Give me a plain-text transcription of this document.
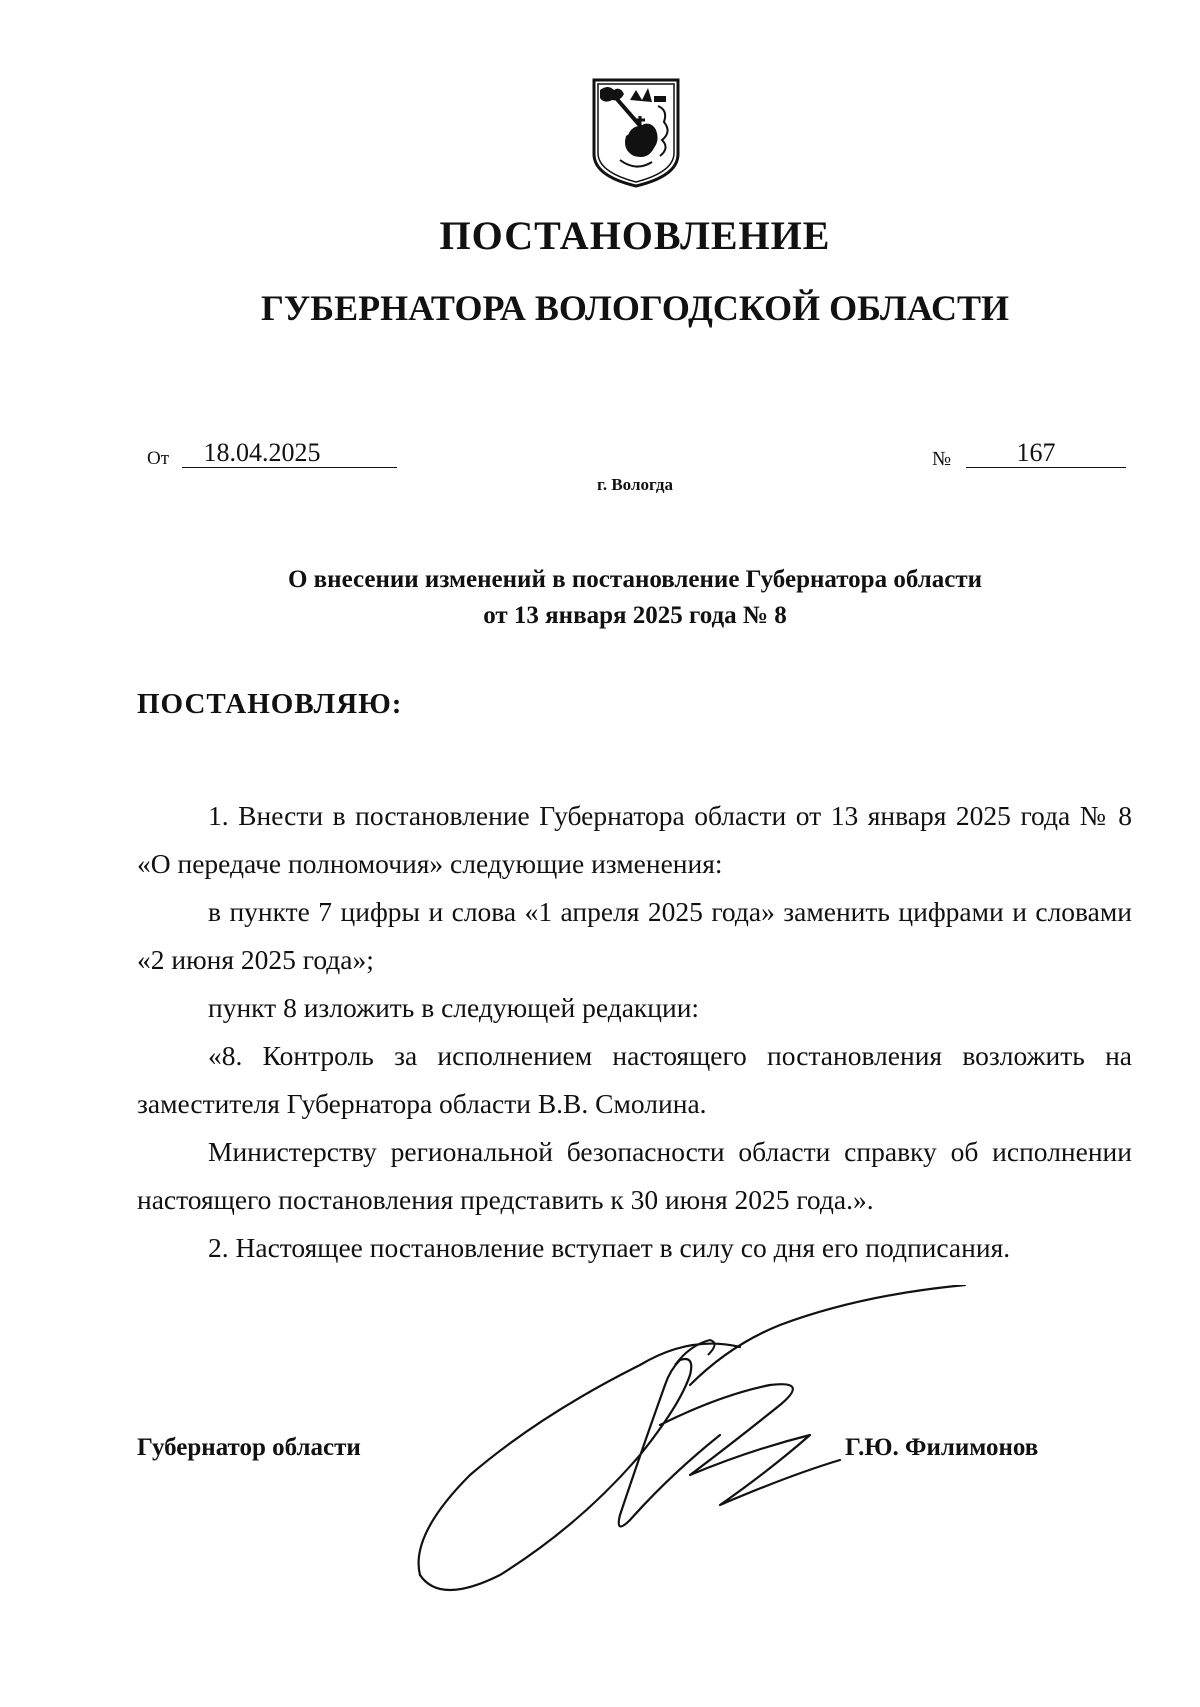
ПОСТАНОВЛЕНИЕ
ГУБЕРНАТОРА ВОЛОГОДСКОЙ ОБЛАСТИ
От	18.04.2025	№	167
г. Вологда
О внесении изменений в постановление Губернатора области
от 13 января 2025 года № 8
ПОСТАНОВЛЯЮ:

1. Внести в постановление Губернатора области от 13 января 2025 года № 8 «О передаче полномочия» следующие изменения:

в пункте 7 цифры и слова «1 апреля 2025 года» заменить цифрами и словами «2 июня 2025 года»;

пункт 8 изложить в следующей редакции:

«8. Контроль за исполнением настоящего постановления возложить на заместителя Губернатора области В.В. Смолина.

Министерству региональной безопасности области справку об исполнении настоящего постановления представить к 30 июня 2025 года.».

2. Настоящее постановление вступает в силу со дня его подписания.

Губернатор области	Г.Ю. Филимонов
